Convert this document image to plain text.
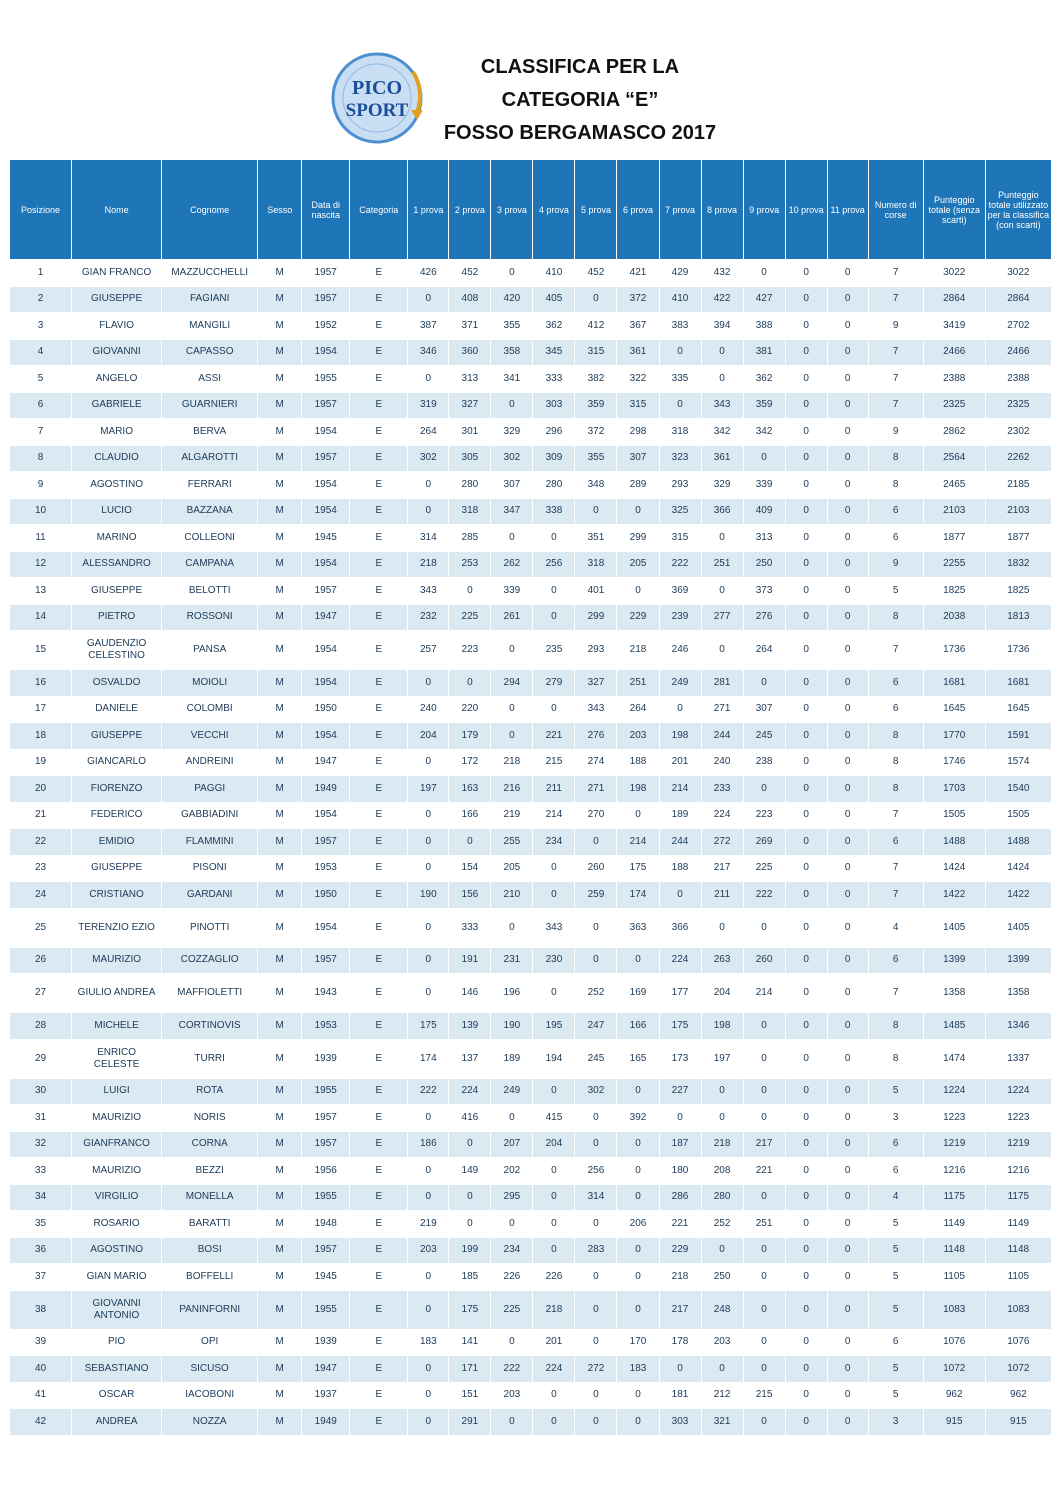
PICO
SPORT
CLASSIFICA PER LA
CATEGORIA “E”
FOSSO BERGAMASCO 2017
Posizione	Nome	Cognome	Sesso	Data di nascita	Categoria	1 prova	2 prova	3 prova	4 prova	5 prova	6 prova	7 prova	8 prova	9 prova	10 prova	11 prova	Numero di corse	Punteggio totale (senza scarti)	Punteggio totale utilizzato per la classifica (con scarti)
1	GIAN FRANCO	MAZZUCCHELLI	M	1957	E	426	452	0	410	452	421	429	432	0	0	0	7	3022	3022
2	GIUSEPPE	FAGIANI	M	1957	E	0	408	420	405	0	372	410	422	427	0	0	7	2864	2864
3	FLAVIO	MANGILI	M	1952	E	387	371	355	362	412	367	383	394	388	0	0	9	3419	2702
4	GIOVANNI	CAPASSO	M	1954	E	346	360	358	345	315	361	0	0	381	0	0	7	2466	2466
5	ANGELO	ASSI	M	1955	E	0	313	341	333	382	322	335	0	362	0	0	7	2388	2388
6	GABRIELE	GUARNIERI	M	1957	E	319	327	0	303	359	315	0	343	359	0	0	7	2325	2325
7	MARIO	BERVA	M	1954	E	264	301	329	296	372	298	318	342	342	0	0	9	2862	2302
8	CLAUDIO	ALGAROTTI	M	1957	E	302	305	302	309	355	307	323	361	0	0	0	8	2564	2262
9	AGOSTINO	FERRARI	M	1954	E	0	280	307	280	348	289	293	329	339	0	0	8	2465	2185
10	LUCIO	BAZZANA	M	1954	E	0	318	347	338	0	0	325	366	409	0	0	6	2103	2103
11	MARINO	COLLEONI	M	1945	E	314	285	0	0	351	299	315	0	313	0	0	6	1877	1877
12	ALESSANDRO	CAMPANA	M	1954	E	218	253	262	256	318	205	222	251	250	0	0	9	2255	1832
13	GIUSEPPE	BELOTTI	M	1957	E	343	0	339	0	401	0	369	0	373	0	0	5	1825	1825
14	PIETRO	ROSSONI	M	1947	E	232	225	261	0	299	229	239	277	276	0	0	8	2038	1813
15	GAUDENZIO CELESTINO	PANSA	M	1954	E	257	223	0	235	293	218	246	0	264	0	0	7	1736	1736
16	OSVALDO	MOIOLI	M	1954	E	0	0	294	279	327	251	249	281	0	0	0	6	1681	1681
17	DANIELE	COLOMBI	M	1950	E	240	220	0	0	343	264	0	271	307	0	0	6	1645	1645
18	GIUSEPPE	VECCHI	M	1954	E	204	179	0	221	276	203	198	244	245	0	0	8	1770	1591
19	GIANCARLO	ANDREINI	M	1947	E	0	172	218	215	274	188	201	240	238	0	0	8	1746	1574
20	FIORENZO	PAGGI	M	1949	E	197	163	216	211	271	198	214	233	0	0	0	8	1703	1540
21	FEDERICO	GABBIADINI	M	1954	E	0	166	219	214	270	0	189	224	223	0	0	7	1505	1505
22	EMIDIO	FLAMMINI	M	1957	E	0	0	255	234	0	214	244	272	269	0	0	6	1488	1488
23	GIUSEPPE	PISONI	M	1953	E	0	154	205	0	260	175	188	217	225	0	0	7	1424	1424
24	CRISTIANO	GARDANI	M	1950	E	190	156	210	0	259	174	0	211	222	0	0	7	1422	1422
25	TERENZIO EZIO	PINOTTI	M	1954	E	0	333	0	343	0	363	366	0	0	0	0	4	1405	1405
26	MAURIZIO	COZZAGLIO	M	1957	E	0	191	231	230	0	0	224	263	260	0	0	6	1399	1399
27	GIULIO ANDREA	MAFFIOLETTI	M	1943	E	0	146	196	0	252	169	177	204	214	0	0	7	1358	1358
28	MICHELE	CORTINOVIS	M	1953	E	175	139	190	195	247	166	175	198	0	0	0	8	1485	1346
29	ENRICO CELESTE	TURRI	M	1939	E	174	137	189	194	245	165	173	197	0	0	0	8	1474	1337
30	LUIGI	ROTA	M	1955	E	222	224	249	0	302	0	227	0	0	0	0	5	1224	1224
31	MAURIZIO	NORIS	M	1957	E	0	416	0	415	0	392	0	0	0	0	0	3	1223	1223
32	GIANFRANCO	CORNA	M	1957	E	186	0	207	204	0	0	187	218	217	0	0	6	1219	1219
33	MAURIZIO	BEZZI	M	1956	E	0	149	202	0	256	0	180	208	221	0	0	6	1216	1216
34	VIRGILIO	MONELLA	M	1955	E	0	0	295	0	314	0	286	280	0	0	0	4	1175	1175
35	ROSARIO	BARATTI	M	1948	E	219	0	0	0	0	206	221	252	251	0	0	5	1149	1149
36	AGOSTINO	BOSI	M	1957	E	203	199	234	0	283	0	229	0	0	0	0	5	1148	1148
37	GIAN MARIO	BOFFELLI	M	1945	E	0	185	226	226	0	0	218	250	0	0	0	5	1105	1105
38	GIOVANNI ANTONIO	PANINFORNI	M	1955	E	0	175	225	218	0	0	217	248	0	0	0	5	1083	1083
39	PIO	OPI	M	1939	E	183	141	0	201	0	170	178	203	0	0	0	6	1076	1076
40	SEBASTIANO	SICUSO	M	1947	E	0	171	222	224	272	183	0	0	0	0	0	5	1072	1072
41	OSCAR	IACOBONI	M	1937	E	0	151	203	0	0	0	181	212	215	0	0	5	962	962
42	ANDREA	NOZZA	M	1949	E	0	291	0	0	0	0	303	321	0	0	0	3	915	915
